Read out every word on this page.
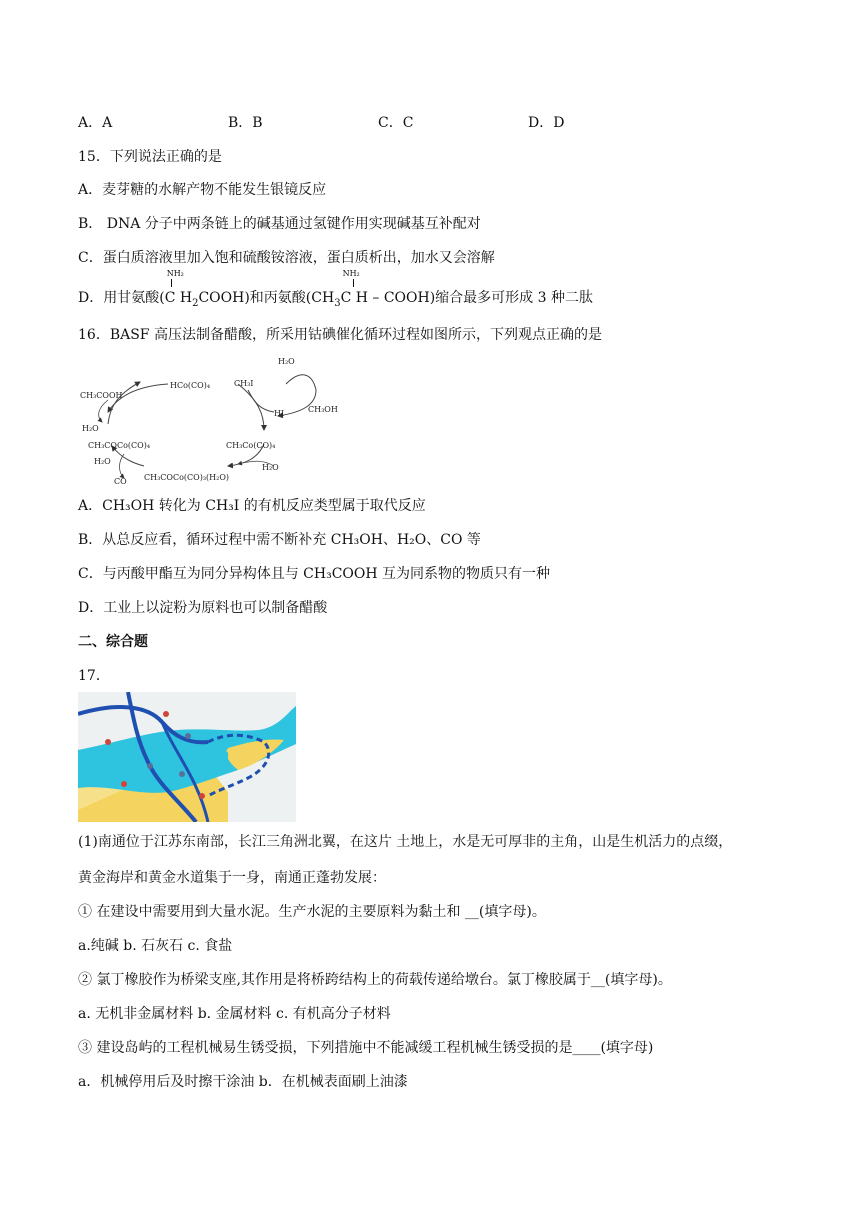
A．A	B．B	C．C	D．D
15．下列说法正确的是
A．麦芽糖的水解产物不能发生银镜反应
B． DNA 分子中两条链上的碱基通过氢键作用实现碱基互补配对
C．蛋白质溶液里加入饱和硫酸铵溶液，蛋白质析出，加水又会溶解
D．用甘氨酸(
NH₂
C $H_2COOH$)和丙氨酸($CH_3$
NH₂
C H – COOH)缩合最多可形成 3 种二肽
16．BASF 高压法制备醋酸，所采用钴碘催化循环过程如图所示，下列观点正确的是
H₂O
CH₃I
CH₃COOH
HCo(CO)₄
HI	CH₃OH
H₂O
CH₃COCo(CO)₄	CH₃Co(CO)₄
H₂O
CO CH₃COCo(CO)₃(H₂O)
H₂O
A．CH₃OH 转化为 CH₃I 的有机反应类型属于取代反应
B．从总反应看，循环过程中需不断补充 CH₃OH、H₂O、CO 等
C．与丙酸甲酯互为同分异构体且与 CH₃COOH 互为同系物的物质只有一种
D．工业上以淀粉为原料也可以制备醋酸
二、综合题
17．
(1)南通位于江苏东南部，长江三角洲北翼，在这片 土地上，水是无可厚非的主角，山是生机活力的点缀，
黄金海岸和黄金水道集于一身，南通正蓬勃发展：
① 在建设中需要用到大量水泥。生产水泥的主要原料为黏土和 __(填字母)。
a.纯碱 b. 石灰石 c. 食盐
② 氯丁橡胶作为桥梁支座,其作用是将桥跨结构上的荷载传递给墩台。氯丁橡胶属于__(填字母)。
a. 无机非金属材料 b. 金属材料 c. 有机高分子材料
③ 建设岛屿的工程机械易生锈受损，下列措施中不能减缓工程机械生锈受损的是____(填字母)
a．机械停用后及时擦干涂油 b．在机械表面刷上油漆
